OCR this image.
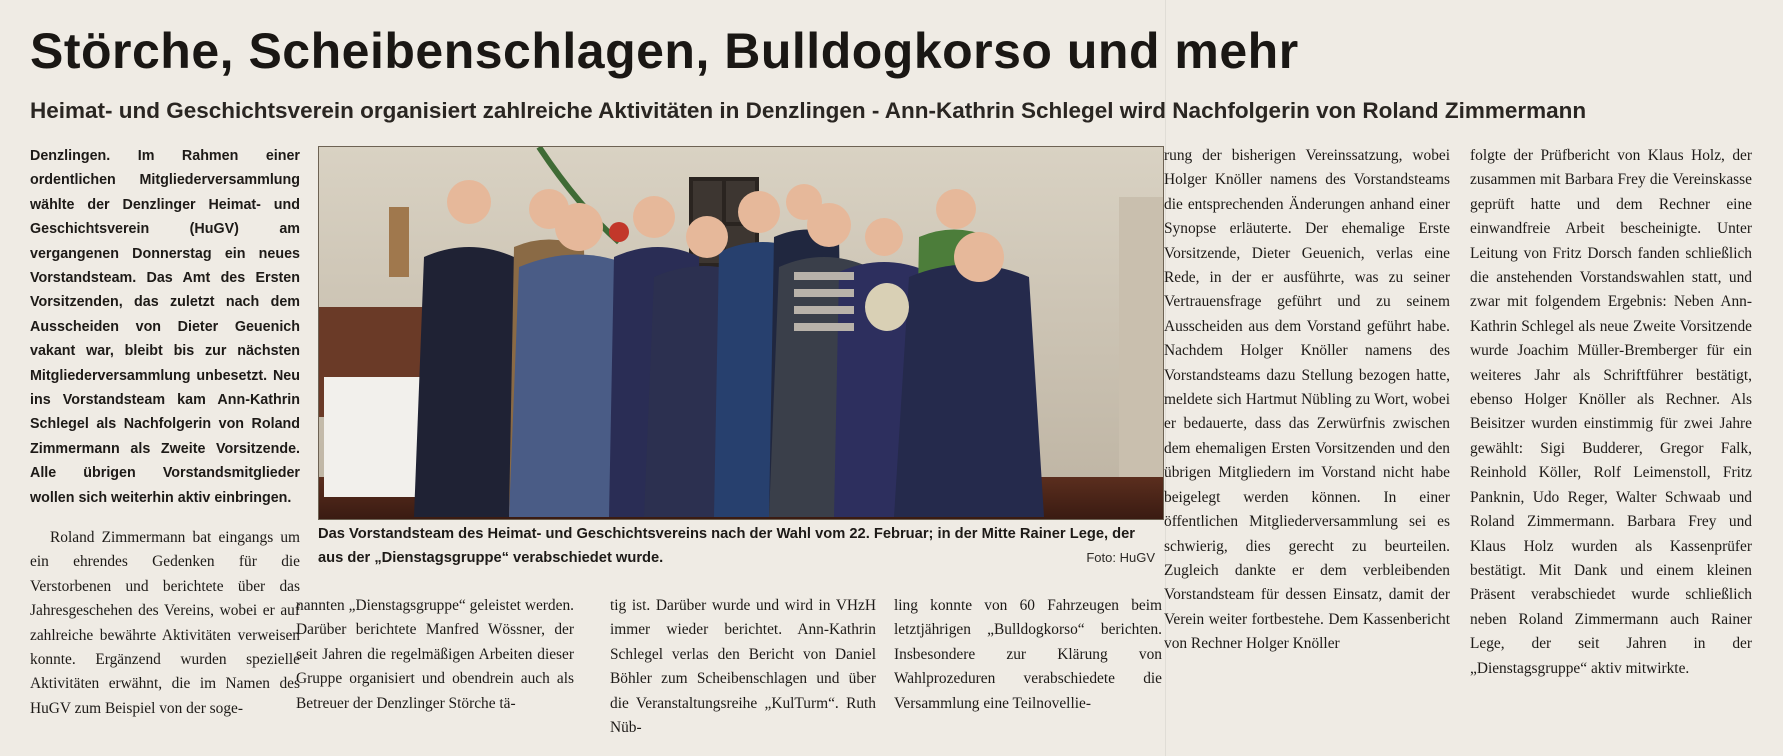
Störche, Scheibenschlagen, Bulldogkorso und mehr
Heimat- und Geschichtsverein organisiert zahlreiche Aktivitäten in Denzlingen - Ann-Kathrin Schlegel wird Nachfolgerin von Roland Zimmermann

Denzlingen. Im Rahmen einer ordentlichen Mitgliederversammlung wählte der Denzlinger Heimat- und Geschichtsverein (HuGV) am vergangenen Donnerstag ein neues Vorstandsteam. Das Amt des Ersten Vorsitzenden, das zuletzt nach dem Ausscheiden von Dieter Geuenich vakant war, bleibt bis zur nächsten Mitgliederversammlung unbesetzt. Neu ins Vorstandsteam kam Ann-Kathrin Schlegel als Nachfolgerin von Roland Zimmermann als Zweite Vorsitzende. Alle übrigen Vorstandsmitglieder wollen sich weiterhin aktiv einbringen.

Roland Zimmermann bat eingangs um ein ehrendes Gedenken für die Verstorbenen und berichtete über das Jahresgeschehen des Vereins, wobei er auf zahlreiche bewährte Aktivitäten verweisen konnte. Ergänzend wurden spezielle Aktivitäten erwähnt, die im Namen des HuGV zum Beispiel von der soge-

Das Vorstandsteam des Heimat- und Geschichtsvereins nach der Wahl vom 22. Februar; in der Mitte Rainer Lege, der aus der „Dienstagsgruppe“ verabschiedet wurde.	Foto: HuGV

nannten „Dienstagsgruppe“ geleistet werden. Darüber berichtete Manfred Wössner, der seit Jahren die regelmäßigen Arbeiten dieser Gruppe organisiert und obendrein auch als Betreuer der Denzlinger Störche tä-

tig ist. Darüber wurde und wird in VHzH immer wieder berichtet. Ann-Kathrin Schlegel verlas den Bericht von Daniel Böhler zum Scheibenschlagen und über die Veranstaltungsreihe „KulTurm“. Ruth Nüb-

ling konnte von 60 Fahrzeugen beim letztjährigen „Bulldogkorso“ berichten. Insbesondere zur Klärung von Wahlprozeduren verabschiedete die Versammlung eine Teilnovellie-

rung der bisherigen Vereinssatzung, wobei Holger Knöller namens des Vorstandsteams die entsprechenden Änderungen anhand einer Synopse erläuterte. Der ehemalige Erste Vorsitzende, Dieter Geuenich, verlas eine Rede, in der er ausführte, was zu seiner Vertrauensfrage geführt und zu seinem Ausscheiden aus dem Vorstand geführt habe. Nachdem Holger Knöller namens des Vorstandsteams dazu Stellung bezogen hatte, meldete sich Hartmut Nübling zu Wort, wobei er bedauerte, dass das Zerwürfnis zwischen dem ehemaligen Ersten Vorsitzenden und den übrigen Mitgliedern im Vorstand nicht habe beigelegt werden können. In einer öffentlichen Mitgliederversammlung sei es schwierig, dies gerecht zu beurteilen. Zugleich dankte er dem verbleibenden Vorstandsteam für dessen Einsatz, damit der Verein weiter fortbestehe. Dem Kassenbericht von Rechner Holger Knöller

folgte der Prüfbericht von Klaus Holz, der zusammen mit Barbara Frey die Vereinskasse geprüft hatte und dem Rechner eine einwandfreie Arbeit bescheinigte. Unter Leitung von Fritz Dorsch fanden schließlich die anstehenden Vorstandswahlen statt, und zwar mit folgendem Ergebnis: Neben Ann-Kathrin Schlegel als neue Zweite Vorsitzende wurde Joachim Müller-Bremberger für ein weiteres Jahr als Schriftführer bestätigt, ebenso Holger Knöller als Rechner. Als Beisitzer wurden einstimmig für zwei Jahre gewählt: Sigi Budderer, Gregor Falk, Reinhold Köller, Rolf Leimenstoll, Fritz Panknin, Udo Reger, Walter Schwaab und Roland Zimmermann. Barbara Frey und Klaus Holz wurden als Kassenprüfer bestätigt. Mit Dank und einem kleinen Präsent verabschiedet wurde schließlich neben Roland Zimmermann auch Rainer Lege, der seit Jahren in der „Dienstagsgruppe“ aktiv mitwirkte.
